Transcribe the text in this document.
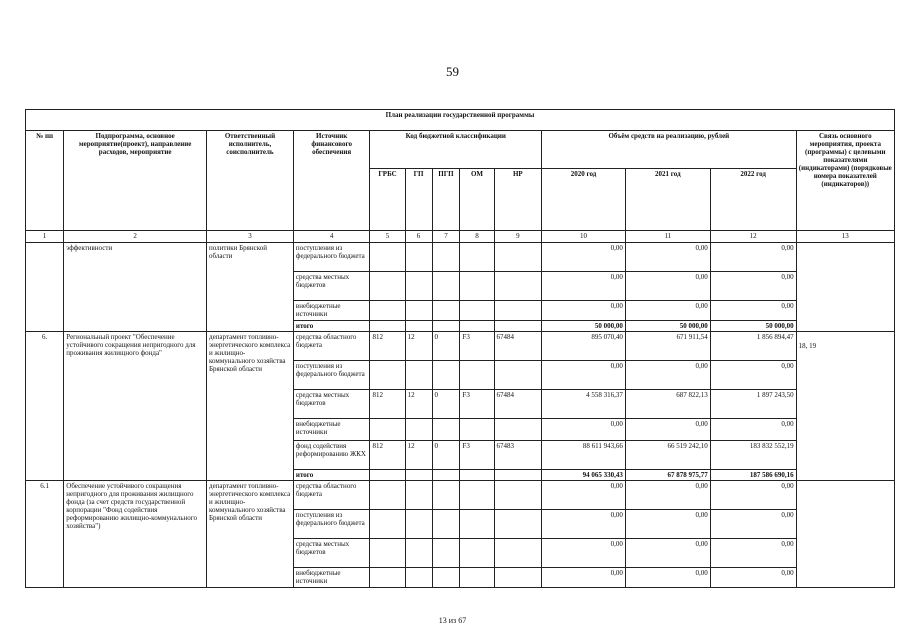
59
План реализации государственной программы												
№ пп	Подпрограмма, основное мероприятие(проект), направление расходов, мероприятие	Ответственный исполнитель, соисполнитель	Источник финансового обеспечения	Код бюджетной классификации					Объём средств на реализацию, рублей			Связь основного мероприятия, проекта (программы) с целевыми показателями (индикаторами) (порядковые номера показателей (индикаторов))
				ГРБС	ГП	ПГП	ОМ	НР	2020 год	2021 год	2022 год	
1	2	3	4	5	6	7	8	9	10	11	12	13
	эффективности	политики Брянской области	поступления из федерального бюджета						0,00	0,00	0,00	
			средства местных бюджетов						0,00	0,00	0,00	
			внебюджетные источники						0,00	0,00	0,00	
			итого						50 000,00	50 000,00	50 000,00	
6.	Региональный проект "Обеспечение устойчивого сокращения непригодного для проживания жилищного фонда"	департамент топливно-энергетического комплекса и жилищно-коммунального хозяйства Брянской области	средства областного бюджета	812	12	0	F3	67484	895 070,40	671 911,54	1 856 894,47	18, 19
			поступления из федерального бюджета						0,00	0,00	0,00	
			средства местных бюджетов	812	12	0	F3	67484	4 558 316,37	687 822,13	1 897 243,50	
			внебюджетные источники						0,00	0,00	0,00	
			фонд содействия реформированию ЖКХ	812	12	0	F3	67483	88 611 943,66	66 519 242,10	183 832 552,19	
			итого						94 065 330,43	67 878 975,77	187 586 690,16	
6.1	Обеспечение устойчивого сокращения непригодного для проживания жилищного фонда (за счет средств государственной корпорации "Фонд содействия реформированию жилищно-коммунального хозяйства")	департамент топливно-энергетического комплекса и жилищно-коммунального хозяйства Брянской области	средства областного бюджета						0,00	0,00	0,00	
			поступления из федерального бюджета						0,00	0,00	0,00	
			средства местных бюджетов						0,00	0,00	0,00	
			внебюджетные источники						0,00	0,00	0,00	
13 из 67
